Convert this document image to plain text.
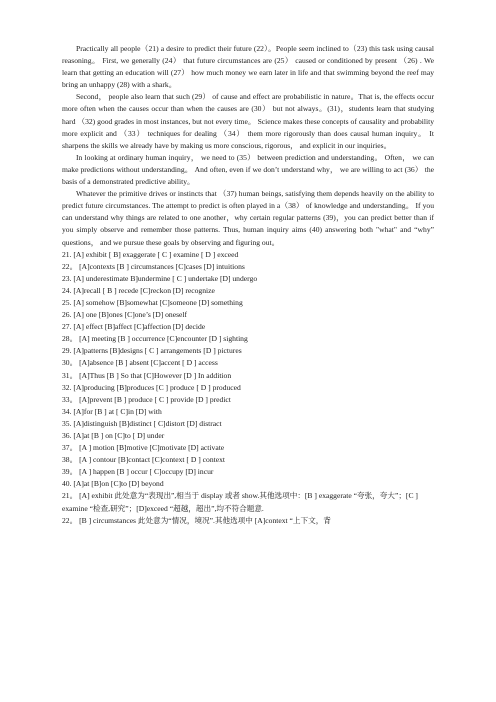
Practically all people（21) a desire to predict their future (22）。People seem inclined to（23) this task using causal reasoning。 First, we generally (24） that future circumstances are (25） caused or conditioned by present （26) . We learn that getting an education will (27） how much money we earn later in life and that swimming beyond the reef may bring an unhappy (28) with a shark。

Second， people also learn that such (29） of cause and effect are probabilistic in nature。That is, the effects occur more often when the causes occur than when the causes are (30） but not always。(31)，students learn that studying hard （32) good grades in most instances, but not every time。 Science makes these concepts of causality and probability more explicit and （33） techniques for dealing （34） them more rigorously than does causal human inquiry。 It sharpens the skills we already have by making us more conscious, rigorous， and explicit in our inquiries。

In looking at ordinary human inquiry， we need to (35） between prediction and understanding。 Often， we can make predictions without understanding。 And often, even if we don’t understand why， we are willing to act (36） the basis of a demonstrated predictive ability。

Whatever the primitive drives or instincts that （37) human beings, satisfying them depends heavily on the ability to predict future circumstances. The attempt to predict is often played in a（38） of knowledge and understanding。 If you can understand why things are related to one another，why certain regular patterns (39)，you can predict better than if you simply observe and remember those patterns. Thus, human inquiry aims (40) answering both "what" and “why” questions， and we pursue these goals by observing and figuring out。

21. [A] exhibit [ B] exaggerate [ C ] examine [ D ] exceed
22。 [A]contexts [B ] circumstances [C]cases [D] intuitions
23. [A] underestimate B]undermine [ C ] undertake [D] undergo
24. [A]recall [ B ] recede [C]reckon [D] recognize
25. [A] somehow [B]somewhat [C]someone [D] something
26. [A] one [B]ones [C]one’s [D] oneself
27. [A] effect [B]affect [C]affection [D] decide
28。 [A] meeting [B ] occurrence [C]encounter [D ] sighting
29. [A]patterns [B]designs [ C ] arrangements [D ] pictures
30。 [A]absence [B ] absent [C]accent [ D ] access
31。 [A]Thus [B ] So that [C]However [D ] In addition
32. [A]producing [B]produces [C ] produce [ D ] produced
33。 [A]prevent [B ] produce [ C ] provide [D ] predict
34. [A]for [B ] at [ C]in [D] with
35. [A]distinguish [B]distinct [ C]distort [D] distract
36. [A]at [B ] on [C]to [ D] under
37。 [A ] motion [B]motive [C]motivate [D] activate
38。 [A ] contour [B]contact [C]context [ D ] context
39。 [A ] happen [B ] occur [ C]occupy [D] incur
40. [A]at [B]on [C]to [D] beyond

21。 [A] exhibit 此处意为“表现出”,相当于 display 或者 show.其他选项中：[B ] exaggerate “夸张，夸大”；[C ] examine “检查,研究”；[D]exceed “超越，超出”,均不符合题意.

22。 [B ] circumstances 此处意为“情况，境况”.其他选项中 [A]context “上下文，背
